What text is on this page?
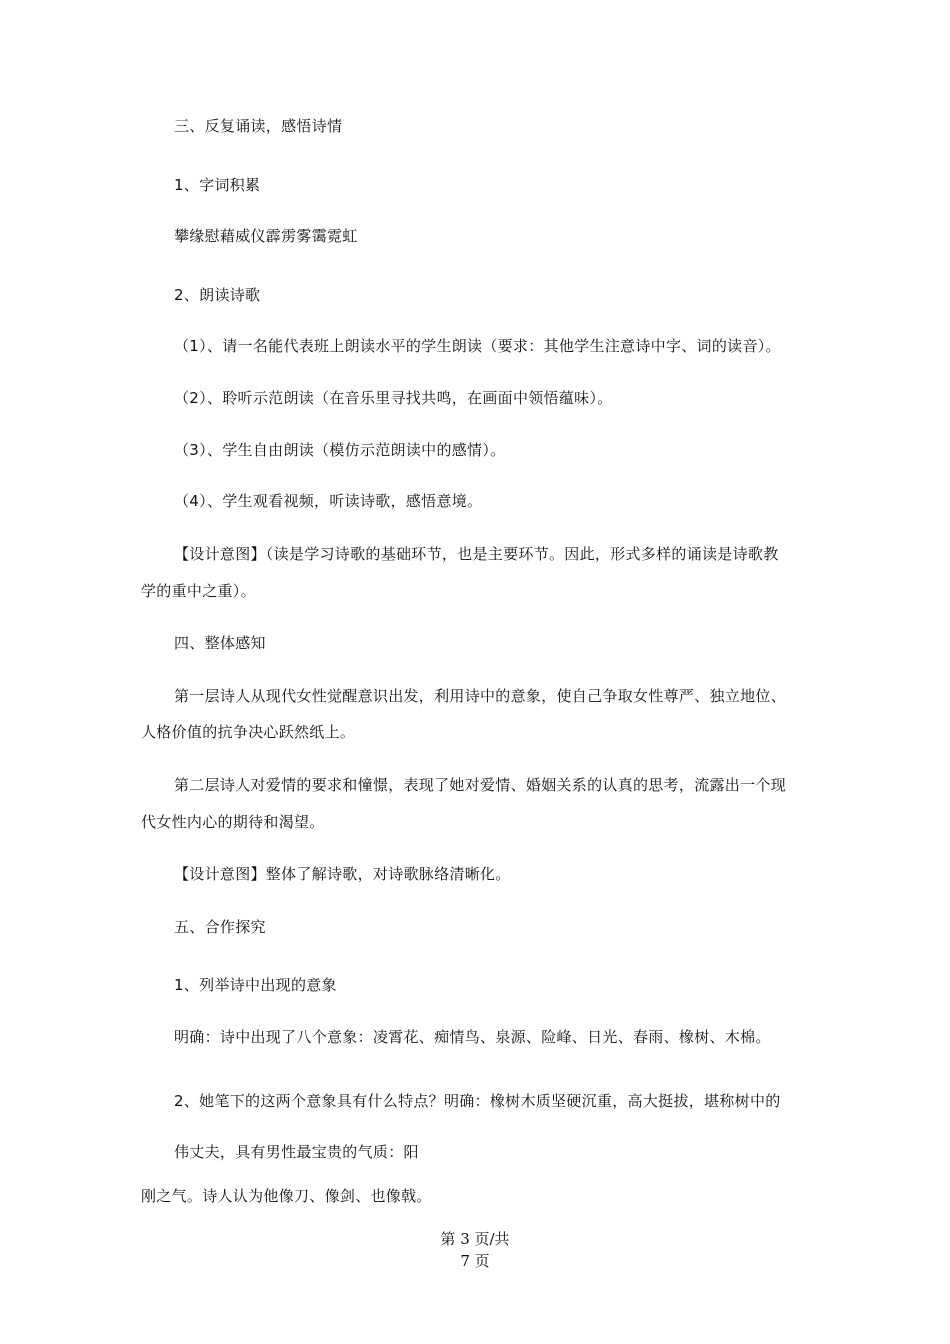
三、反复诵读，感悟诗情
1、字词积累
攀缘慰藉威仪霹雳雾霭霓虹
2、朗读诗歌
（1）、请一名能代表班上朗读水平的学生朗读（要求：其他学生注意诗中字、词的读音）。
（2）、聆听示范朗读（在音乐里寻找共鸣，在画面中领悟蕴味）。
（3）、学生自由朗读（模仿示范朗读中的感情）。
（4）、学生观看视频，听读诗歌，感悟意境。
【设计意图】（读是学习诗歌的基础环节，也是主要环节。因此，形式多样的诵读是诗歌教
学的重中之重）。
四、整体感知
第一层诗人从现代女性觉醒意识出发，利用诗中的意象，使自己争取女性尊严、独立地位、
人格价值的抗争决心跃然纸上。
第二层诗人对爱情的要求和憧憬，表现了她对爱情、婚姻关系的认真的思考，流露出一个现
代女性内心的期待和渴望。
【设计意图】整体了解诗歌，对诗歌脉络清晰化。
五、合作探究
1、列举诗中出现的意象
明确：诗中出现了八个意象：凌霄花、痴情鸟、泉源、险峰、日光、春雨、橡树、木棉。
2、她笔下的这两个意象具有什么特点？明确：橡树木质坚硬沉重，高大挺拔，堪称树中的
伟丈夫，具有男性最宝贵的气质：阳
刚之气。诗人认为他像刀、像剑、也像戟。
第 3 页/共
7 页
